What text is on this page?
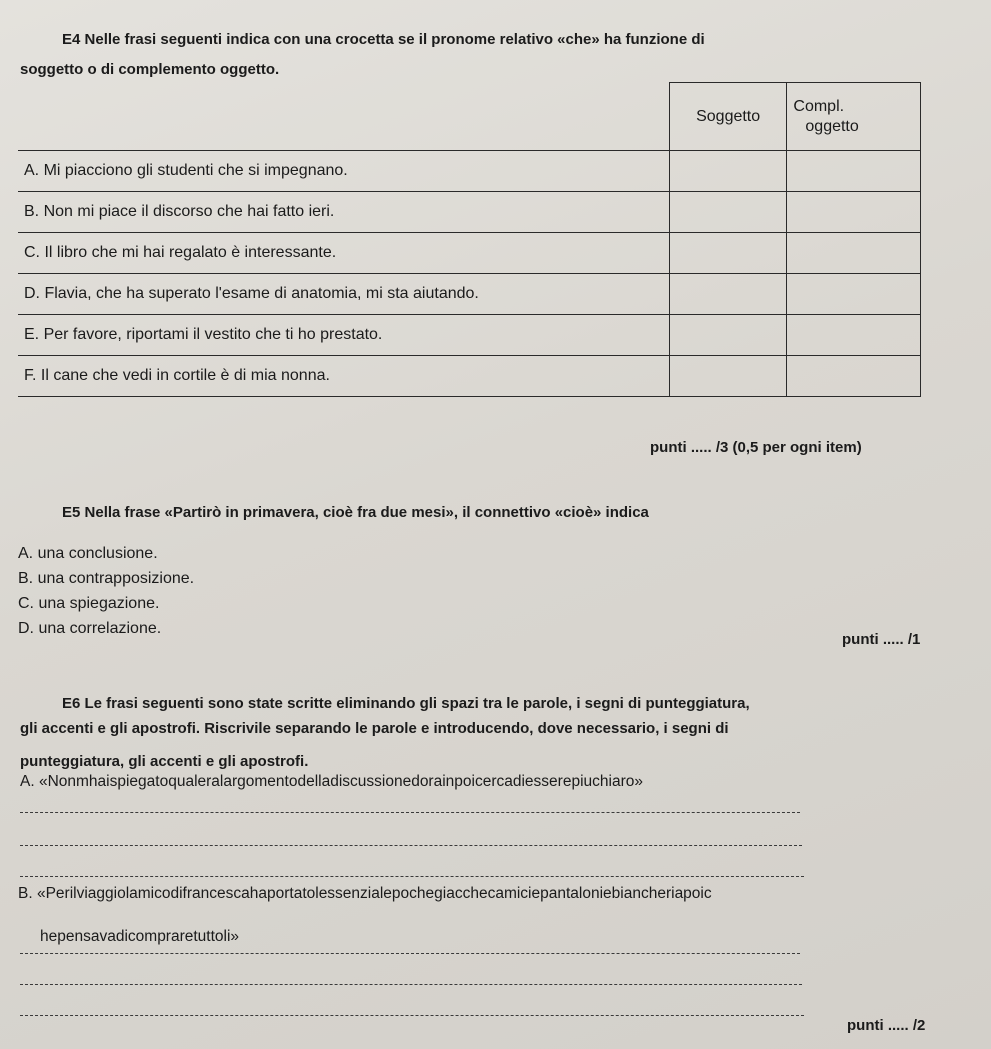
E4 Nelle frasi seguenti indica con una crocetta se il pronome relativo «che» ha funzione di
soggetto o di complemento oggetto.
	Soggetto	Compl.
oggetto

A. Mi piacciono gli studenti che si impegnano.		
B. Non mi piace il discorso che hai fatto ieri.		
C. Il libro che mi hai regalato è interessante.		
D. Flavia, che ha superato l'esame di anatomia, mi sta aiutando.		
E. Per favore, riportami il vestito che ti ho prestato.		
F. Il cane che vedi in cortile è di mia nonna.		
punti ..... /3 (0,5 per ogni item)
E5 Nella frase «Partirò in primavera, cioè fra due mesi», il connettivo «cioè» indica
A. una conclusione.
B. una contrapposizione.
C. una spiegazione.
D. una correlazione.
punti ..... /1
E6 Le frasi seguenti sono state scritte eliminando gli spazi tra le parole, i segni di punteggiatura,
gli accenti e gli apostrofi. Riscrivile separando le parole e introducendo, dove necessario, i segni di
punteggiatura, gli accenti e gli apostrofi.
A. «Nonmhaispiegatoqualeralargomentodelladiscussionedorainpoicercadiesserepiuchiaro»
B. «Perilviaggiolamicodifrancescahaportatolessenzialepochegiacchecamiciepantaloniebiancheriapoic
hepensavadicompraretuttoli»
punti ..... /2
